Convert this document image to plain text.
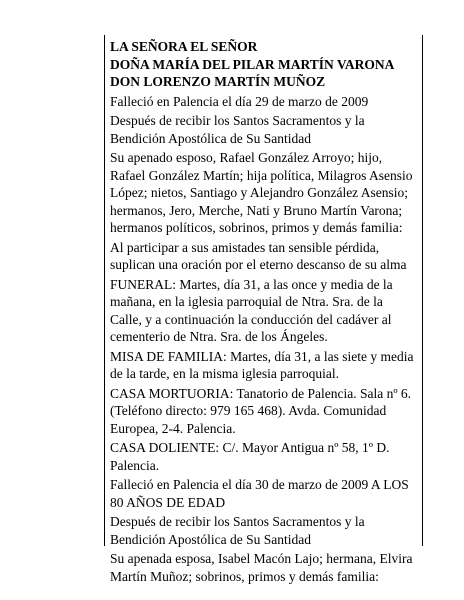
LA SEÑORA EL SEÑOR

DOÑA MARÍA DEL PILAR MARTÍN VARONA

DON LORENZO MARTÍN MUÑOZ

Falleció en Palencia el día 29 de marzo de 2009

Después de recibir los Santos Sacramentos y la Bendición Apostólica de Su Santidad

Su apenado esposo, Rafael González Arroyo; hijo, Rafael González Martín; hija política, Milagros Asensio López; nietos, Santiago y Alejandro González Asensio; hermanos, Jero, Merche, Nati y Bruno Martín Varona; hermanos políticos, sobrinos, primos y demás familia:

Al participar a sus amistades tan sensible pérdida, suplican una oración por el eterno descanso de su alma

FUNERAL: Martes, día 31, a las once y media de la mañana, en la iglesia parroquial de Ntra. Sra. de la Calle, y a continuación la conducción del cadáver al cementerio de Ntra. Sra. de los Ángeles.

MISA DE FAMILIA: Martes, día 31, a las siete y media de la tarde, en la misma iglesia parroquial.

CASA MORTUORIA: Tanatorio de Palencia. Sala nº 6. (Teléfono directo: 979 165 468). Avda. Comunidad Europea, 2-4. Palencia.

CASA DOLIENTE: C/. Mayor Antigua nº 58, 1º D. Palencia.

Falleció en Palencia el día 30 de marzo de 2009 A LOS 80 AÑOS DE EDAD

Después de recibir los Santos Sacramentos y la Bendición Apostólica de Su Santidad

Su apenada esposa, Isabel Macón Lajo; hermana, Elvira Martín Muñoz; sobrinos, primos y demás familia:
